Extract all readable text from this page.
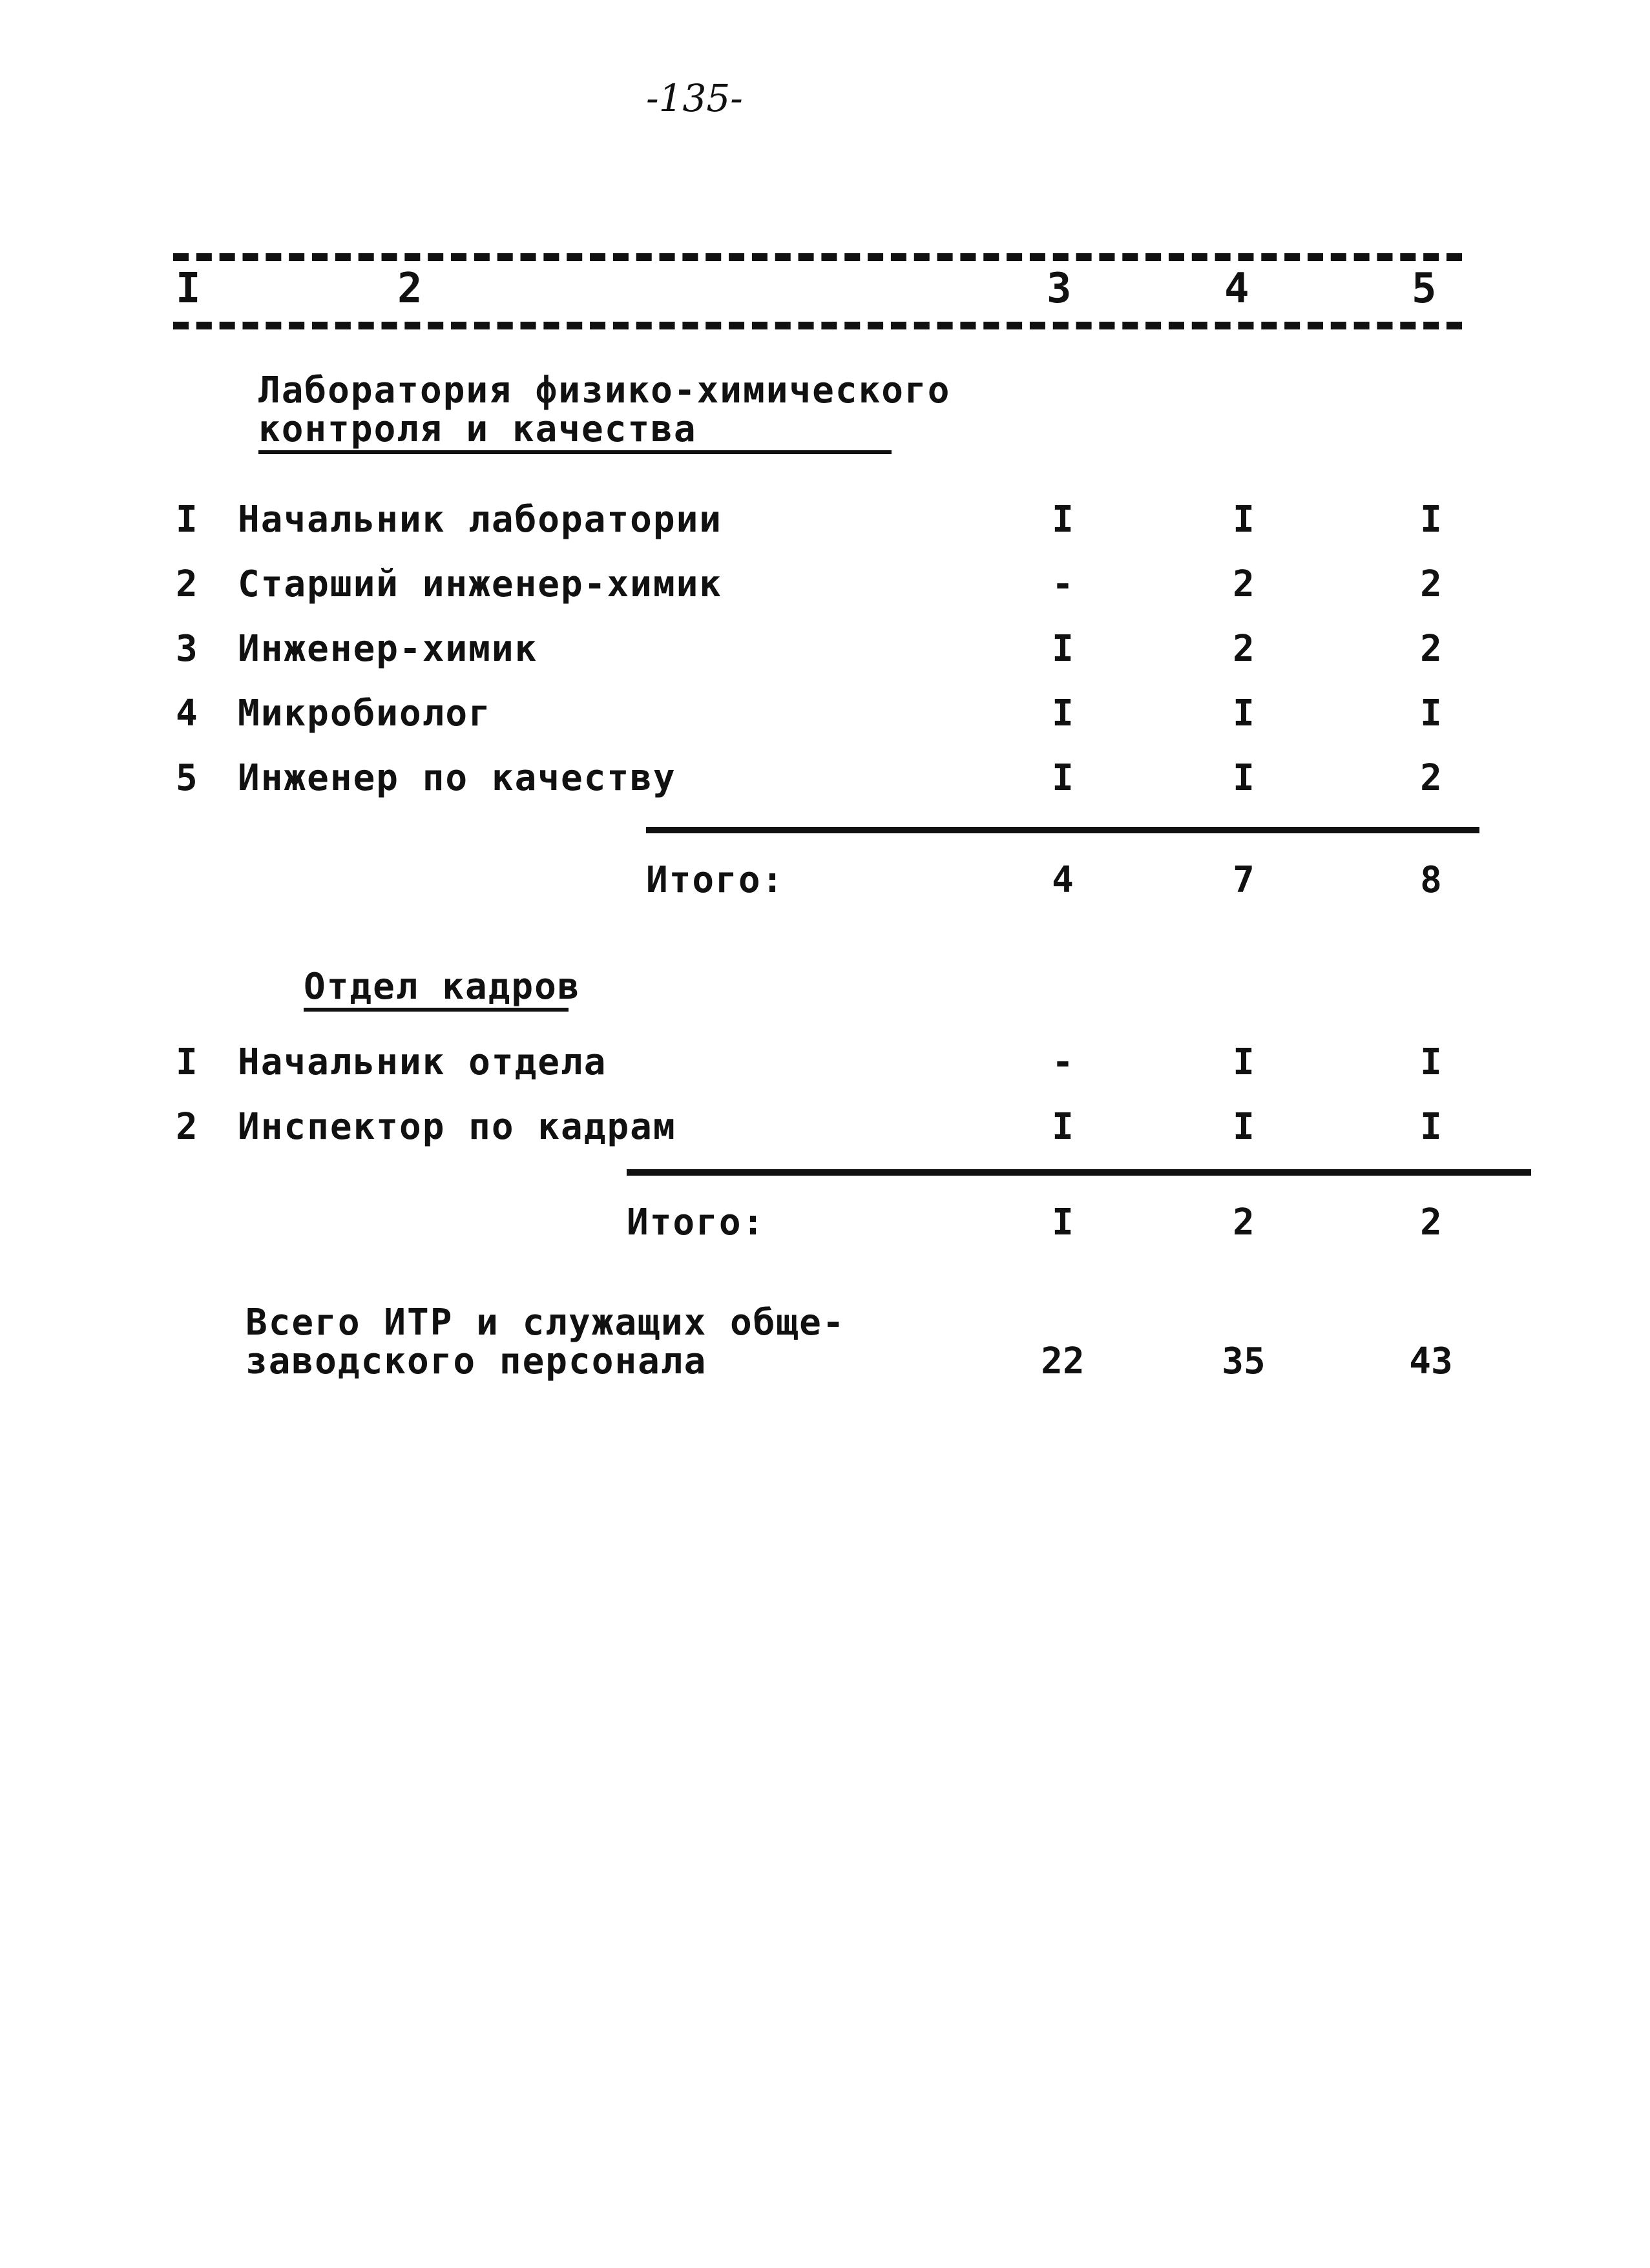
-135-
I	2	3	4	5
Лаборатория физико-химического
контроля и качества
I Начальник лаборатории	I	I	I
2 Старший инженер-химик	-	2	2
3 Инженер-химик	I	2	2
4 Микробиолог	I	I	I
5 Инженер по качеству	I	I	2
Итого:	4	7	8
Отдел кадров
I Начальник отдела	-	I	I
2 Инспектор по кадрам	I	I	I
Итого:	I	2	2
Всего ИТР и служащих обще-
заводского персонала	22	35	43
